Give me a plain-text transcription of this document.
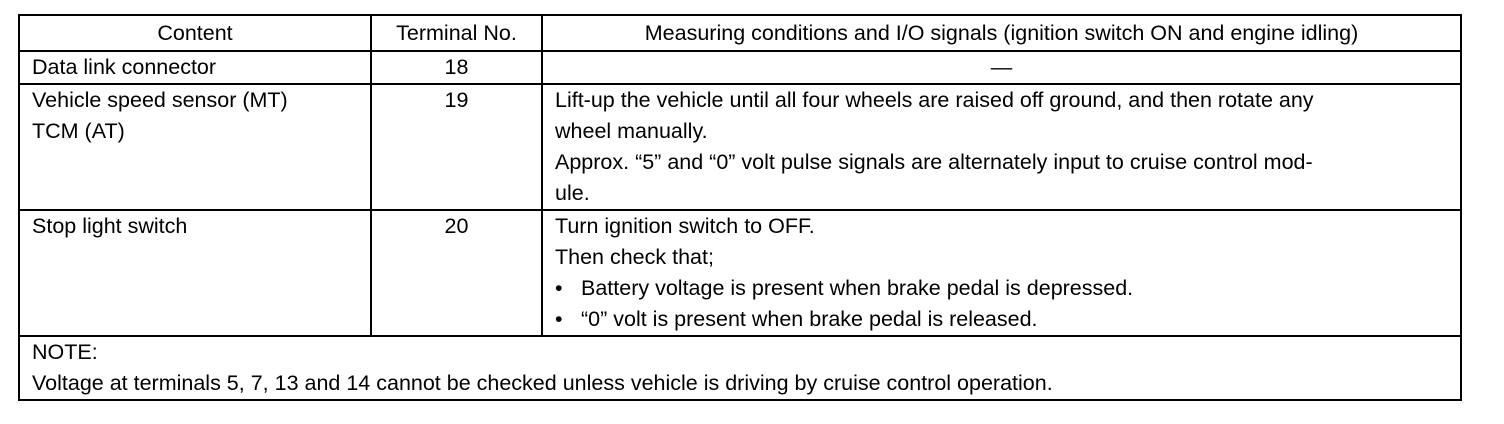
Content	Terminal No.	Measuring conditions and I/O signals (ignition switch ON and engine idling)

Data link connector	18	—

Vehicle speed sensor (MT)
TCM (AT)	19	Lift-up the vehicle until all four wheels are raised off ground, and then rotate any
wheel manually.
Approx. “5” and “0” volt pulse signals are alternately input to cruise control mod-
ule.

Stop light switch	20	Turn ignition switch to OFF.
Then check that;
• Battery voltage is present when brake pedal is depressed.
• “0” volt is present when brake pedal is released.

NOTE:
Voltage at terminals 5, 7, 13 and 14 cannot be checked unless vehicle is driving by cruise control operation.		
